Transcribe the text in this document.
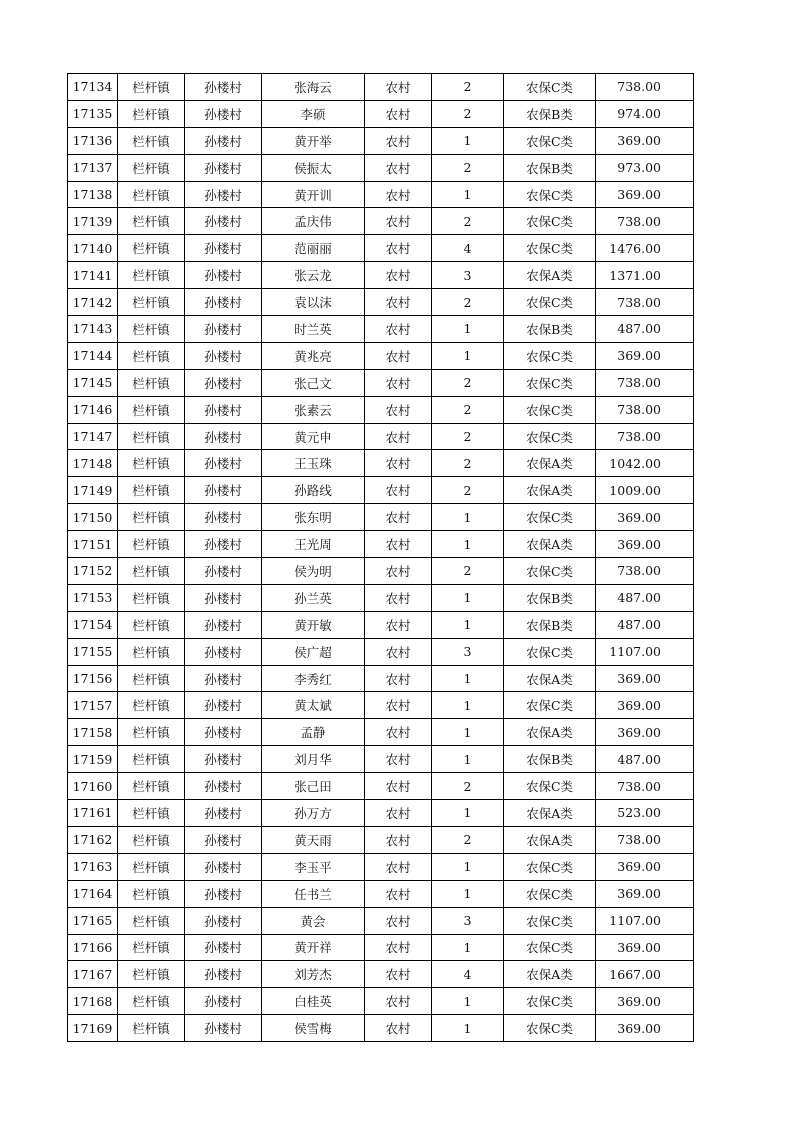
17134	栏杆镇	孙楼村	张海云	农村	2	农保C类	738.00
17135	栏杆镇	孙楼村	李硕	农村	2	农保B类	974.00
17136	栏杆镇	孙楼村	黄开举	农村	1	农保C类	369.00
17137	栏杆镇	孙楼村	侯振太	农村	2	农保B类	973.00
17138	栏杆镇	孙楼村	黄开训	农村	1	农保C类	369.00
17139	栏杆镇	孙楼村	孟庆伟	农村	2	农保C类	738.00
17140	栏杆镇	孙楼村	范丽丽	农村	4	农保C类	1476.00
17141	栏杆镇	孙楼村	张云龙	农村	3	农保A类	1371.00
17142	栏杆镇	孙楼村	袁以沫	农村	2	农保C类	738.00
17143	栏杆镇	孙楼村	时兰英	农村	1	农保B类	487.00
17144	栏杆镇	孙楼村	黄兆亮	农村	1	农保C类	369.00
17145	栏杆镇	孙楼村	张己文	农村	2	农保C类	738.00
17146	栏杆镇	孙楼村	张素云	农村	2	农保C类	738.00
17147	栏杆镇	孙楼村	黄元申	农村	2	农保C类	738.00
17148	栏杆镇	孙楼村	王玉珠	农村	2	农保A类	1042.00
17149	栏杆镇	孙楼村	孙路线	农村	2	农保A类	1009.00
17150	栏杆镇	孙楼村	张东明	农村	1	农保C类	369.00
17151	栏杆镇	孙楼村	王光周	农村	1	农保A类	369.00
17152	栏杆镇	孙楼村	侯为明	农村	2	农保C类	738.00
17153	栏杆镇	孙楼村	孙兰英	农村	1	农保B类	487.00
17154	栏杆镇	孙楼村	黄开敏	农村	1	农保B类	487.00
17155	栏杆镇	孙楼村	侯广超	农村	3	农保C类	1107.00
17156	栏杆镇	孙楼村	李秀红	农村	1	农保A类	369.00
17157	栏杆镇	孙楼村	黄太斌	农村	1	农保C类	369.00
17158	栏杆镇	孙楼村	孟静	农村	1	农保A类	369.00
17159	栏杆镇	孙楼村	刘月华	农村	1	农保B类	487.00
17160	栏杆镇	孙楼村	张己田	农村	2	农保C类	738.00
17161	栏杆镇	孙楼村	孙万方	农村	1	农保A类	523.00
17162	栏杆镇	孙楼村	黄天雨	农村	2	农保A类	738.00
17163	栏杆镇	孙楼村	李玉平	农村	1	农保C类	369.00
17164	栏杆镇	孙楼村	任书兰	农村	1	农保C类	369.00
17165	栏杆镇	孙楼村	黄会	农村	3	农保C类	1107.00
17166	栏杆镇	孙楼村	黄开祥	农村	1	农保C类	369.00
17167	栏杆镇	孙楼村	刘芳杰	农村	4	农保A类	1667.00
17168	栏杆镇	孙楼村	白桂英	农村	1	农保C类	369.00
17169	栏杆镇	孙楼村	侯雪梅	农村	1	农保C类	369.00
